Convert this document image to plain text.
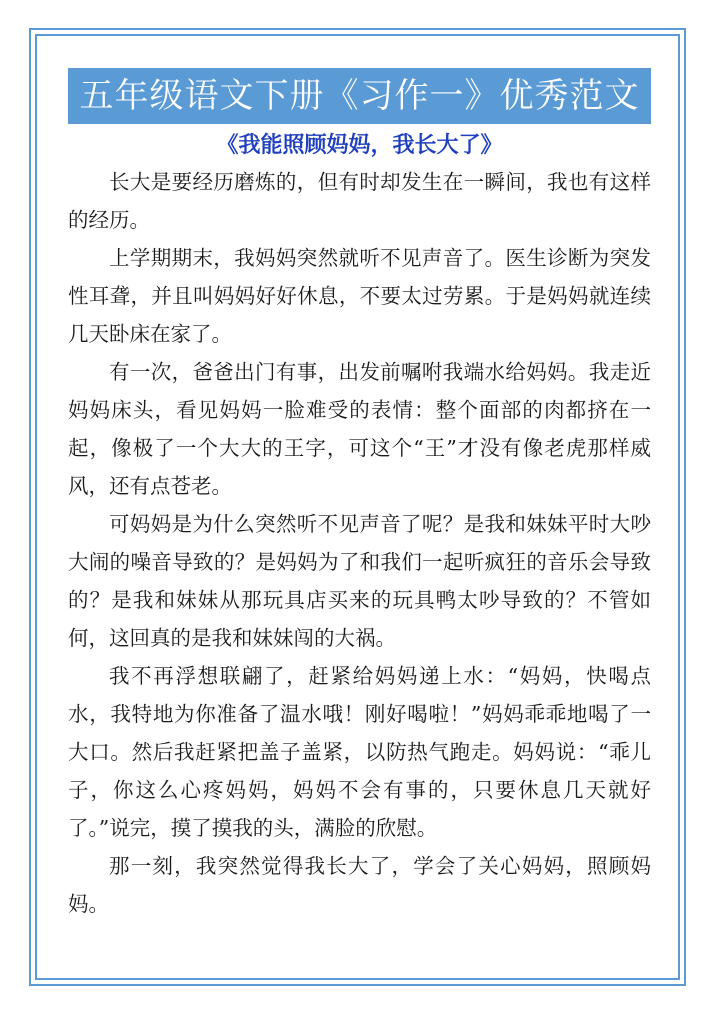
五年级语文下册《习作一》优秀范文
《我能照顾妈妈，我长大了》

长大是要经历磨炼的，但有时却发生在一瞬间，我也有这样的经历。

上学期期末，我妈妈突然就听不见声音了。医生诊断为突发性耳聋，并且叫妈妈好好休息，不要太过劳累。于是妈妈就连续几天卧床在家了。

有一次，爸爸出门有事，出发前嘱咐我端水给妈妈。我走近妈妈床头，看见妈妈一脸难受的表情：整个面部的肉都挤在一起，像极了一个大大的王字，可这个“王”才没有像老虎那样威风，还有点苍老。

可妈妈是为什么突然听不见声音了呢？是我和妹妹平时大吵大闹的噪音导致的？是妈妈为了和我们一起听疯狂的音乐会导致的？是我和妹妹从那玩具店买来的玩具鸭太吵导致的？不管如何，这回真的是我和妹妹闯的大祸。

我不再浮想联翩了，赶紧给妈妈递上水：“妈妈，快喝点水，我特地为你准备了温水哦！刚好喝啦！”妈妈乖乖地喝了一大口。然后我赶紧把盖子盖紧，以防热气跑走。妈妈说：“乖儿子，你这么心疼妈妈，妈妈不会有事的，只要休息几天就好了。”说完，摸了摸我的头，满脸的欣慰。

那一刻，我突然觉得我长大了，学会了关心妈妈，照顾妈妈。
